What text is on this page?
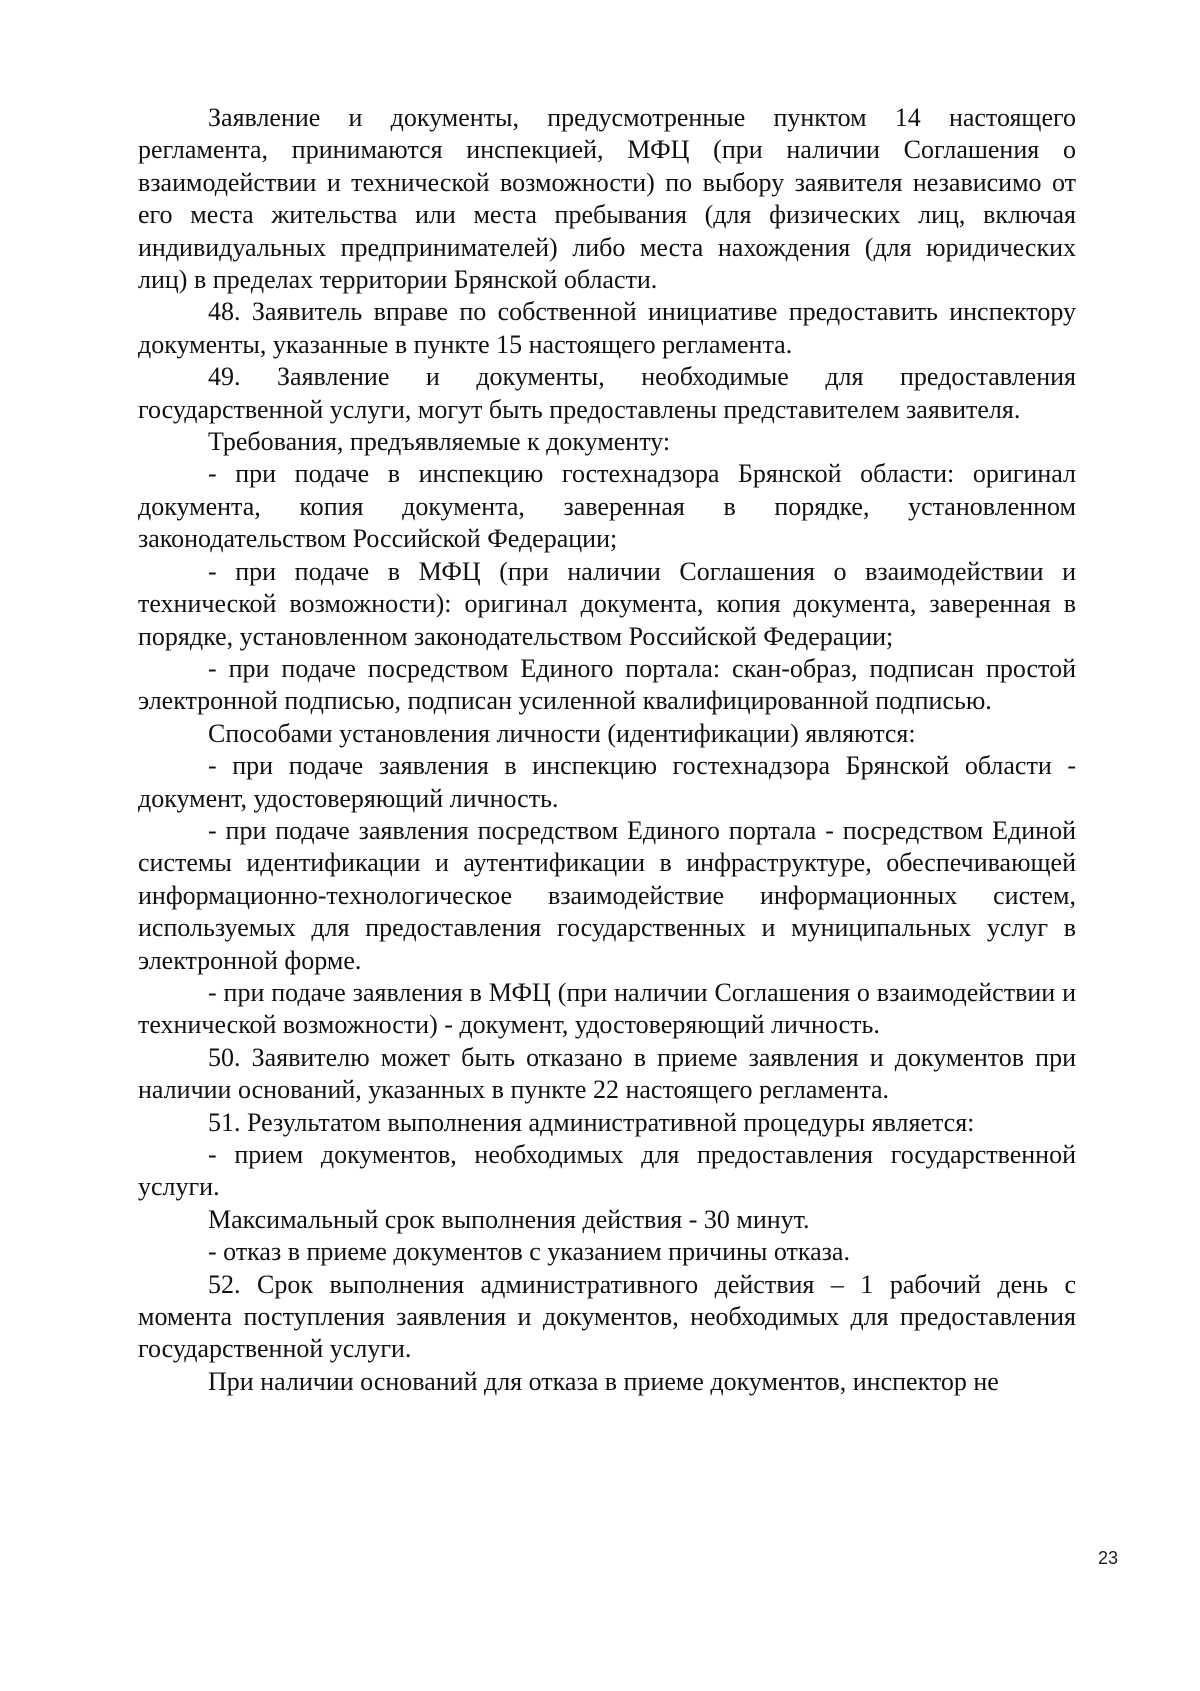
Заявление и документы, предусмотренные пунктом 14 настоящего регламента, принимаются инспекцией, МФЦ (при наличии Соглашения о взаимодействии и технической возможности) по выбору заявителя независимо от его места жительства или места пребывания (для физических лиц, включая индивидуальных предпринимателей) либо места нахождения (для юридических лиц) в пределах территории Брянской области.

48. Заявитель вправе по собственной инициативе предоставить инспектору документы, указанные в пункте 15 настоящего регламента.

49. Заявление и документы, необходимые для предоставления государственной услуги, могут быть предоставлены представителем заявителя.

Требования, предъявляемые к документу:

- при подаче в инспекцию гостехнадзора Брянской области: оригинал документа, копия документа, заверенная в порядке, установленном законодательством Российской Федерации;

- при подаче в МФЦ (при наличии Соглашения о взаимодействии и технической возможности): оригинал документа, копия документа, заверенная в порядке, установленном законодательством Российской Федерации;

- при подаче посредством Единого портала: скан-образ, подписан простой электронной подписью, подписан усиленной квалифицированной подписью.

Способами установления личности (идентификации) являются:

- при подаче заявления в инспекцию гостехнадзора Брянской области - документ, удостоверяющий личность.

- при подаче заявления посредством Единого портала - посредством Единой системы идентификации и аутентификации в инфраструктуре, обеспечивающей информационно-технологическое взаимодействие информационных систем, используемых для предоставления государственных и муниципальных услуг в электронной форме.

- при подаче заявления в МФЦ (при наличии Соглашения о взаимодействии и технической возможности) - документ, удостоверяющий личность.

50. Заявителю может быть отказано в приеме заявления и документов при наличии оснований, указанных в пункте 22 настоящего регламента.

51. Результатом выполнения административной процедуры является:

- прием документов, необходимых для предоставления государственной услуги.

Максимальный срок выполнения действия - 30 минут.

- отказ в приеме документов с указанием причины отказа.

52. Срок выполнения административного действия – 1 рабочий день с момента поступления заявления и документов, необходимых для предоставления государственной услуги.

При наличии оснований для отказа в приеме документов, инспектор не

23
